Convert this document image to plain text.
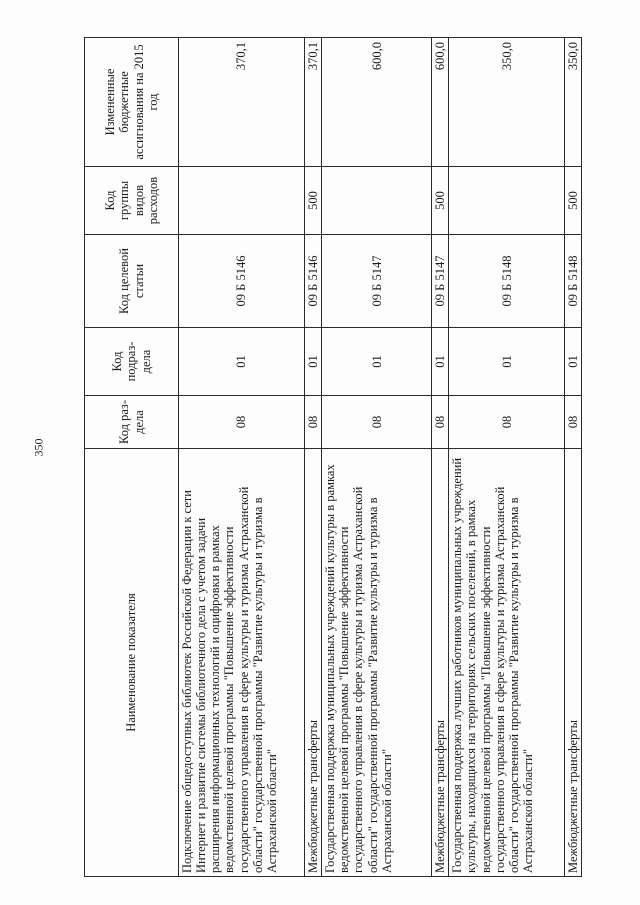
350
Наименование показателя	Код раз-дела	Код подраз-дела	Код целевой статьи	Код группы видов расходов	Измененные бюджетные ассигнования на 2015 год
Подключение общедоступных библиотек Российской Федерации к сети Интернет и развитие системы библиотечного дела с учетом задачи расширения информационных технологий и оцифровки в рамках ведомственной целевой программы "Повышение эффективности государственного управления в сфере культуры и туризма Астраханской области" государственной программы "Развитие культуры и туризма в Астраханской области"	08	01	09 Б 5146		370,1
Межбюджетные трансферты	08	01	09 Б 5146	500	370,1
Государственная поддержка муниципальных учреждений культуры в рамках ведомственной целевой программы "Повышение эффективности государственного управления в сфере культуры и туризма Астраханской области" государственной программы "Развитие культуры и туризма в Астраханской области"	08	01	09 Б 5147		600,0
Межбюджетные трансферты	08	01	09 Б 5147	500	600,0
Государственная поддержка лучших работников муниципальных учреждений культуры, находящихся на территориях сельских поселений, в рамках ведомственной целевой программы "Повышение эффективности государственного управления в сфере культуры и туризма Астраханской области" государственной программы "Развитие культуры и туризма в Астраханской области"	08	01	09 Б 5148		350,0
Межбюджетные трансферты	08	01	09 Б 5148	500	350,0
